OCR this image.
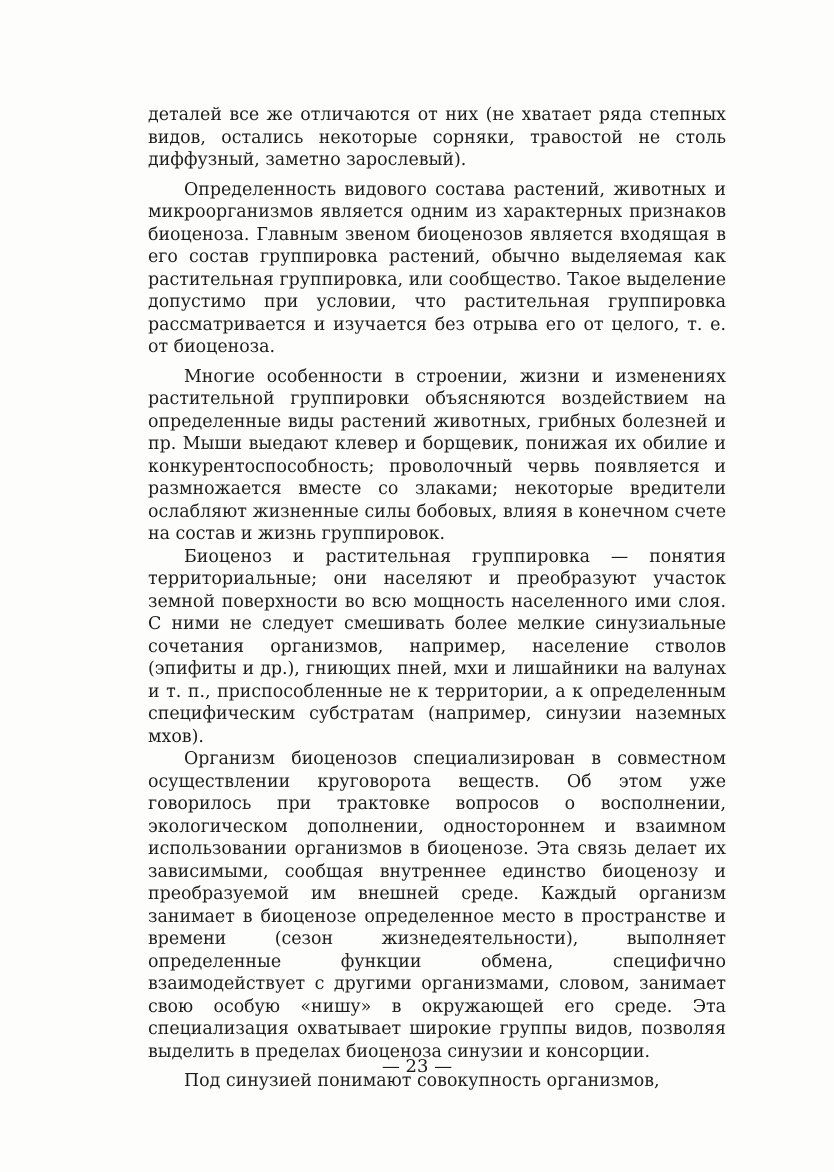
деталей все же отличаются от них (не хватает ряда степных видов, остались некоторые сорняки, травостой не столь диффузный, заметно зарослевый).

Определенность видового состава растений, животных и микроорганизмов является одним из характерных признаков биоценоза. Главным звеном биоценозов является входящая в его состав группировка растений, обычно выделяемая как растительная группировка, или сообщество. Такое выделение допустимо при условии, что растительная группировка рассматривается и изучается без отрыва его от целого, т. е. от биоценоза.

Многие особенности в строении, жизни и изменениях растительной группировки объясняются воздействием на определенные виды растений животных, грибных болезней и пр. Мыши выедают клевер и борщевик, понижая их обилие и конкурентоспособность; проволочный червь появляется и размножается вместе со злаками; некоторые вредители ослабляют жизненные силы бобовых, влияя в конечном счете на состав и жизнь группировок.

Биоценоз и растительная группировка — понятия территориальные; они населяют и преобразуют участок земной поверхности во всю мощность населенного ими слоя. С ними не следует смешивать более мелкие синузиальные сочетания организмов, например, население стволов (эпифиты и др.), гниющих пней, мхи и лишайники на валунах и т. п., приспособленные не к территории, а к определенным специфическим субстратам (например, синузии наземных мхов).

Организм биоценозов специализирован в совместном осуществлении круговорота веществ. Об этом уже говорилось при трактовке вопросов о восполнении, экологическом дополнении, одностороннем и взаимном использовании организмов в биоценозе. Эта связь делает их зависимыми, сообщая внутреннее единство биоценозу и преобразуемой им внешней среде. Каждый организм занимает в биоценозе определенное место в пространстве и времени (сезон жизнедеятельности), выполняет определенные функции обмена, специфично взаимодействует с другими организмами, словом, занимает свою особую «нишу» в окружающей его среде. Эта специализация охватывает широкие группы видов, позволяя выделить в пределах биоценоза синузии и консорции.

Под синузией понимают совокупность организмов,

— 23 —
